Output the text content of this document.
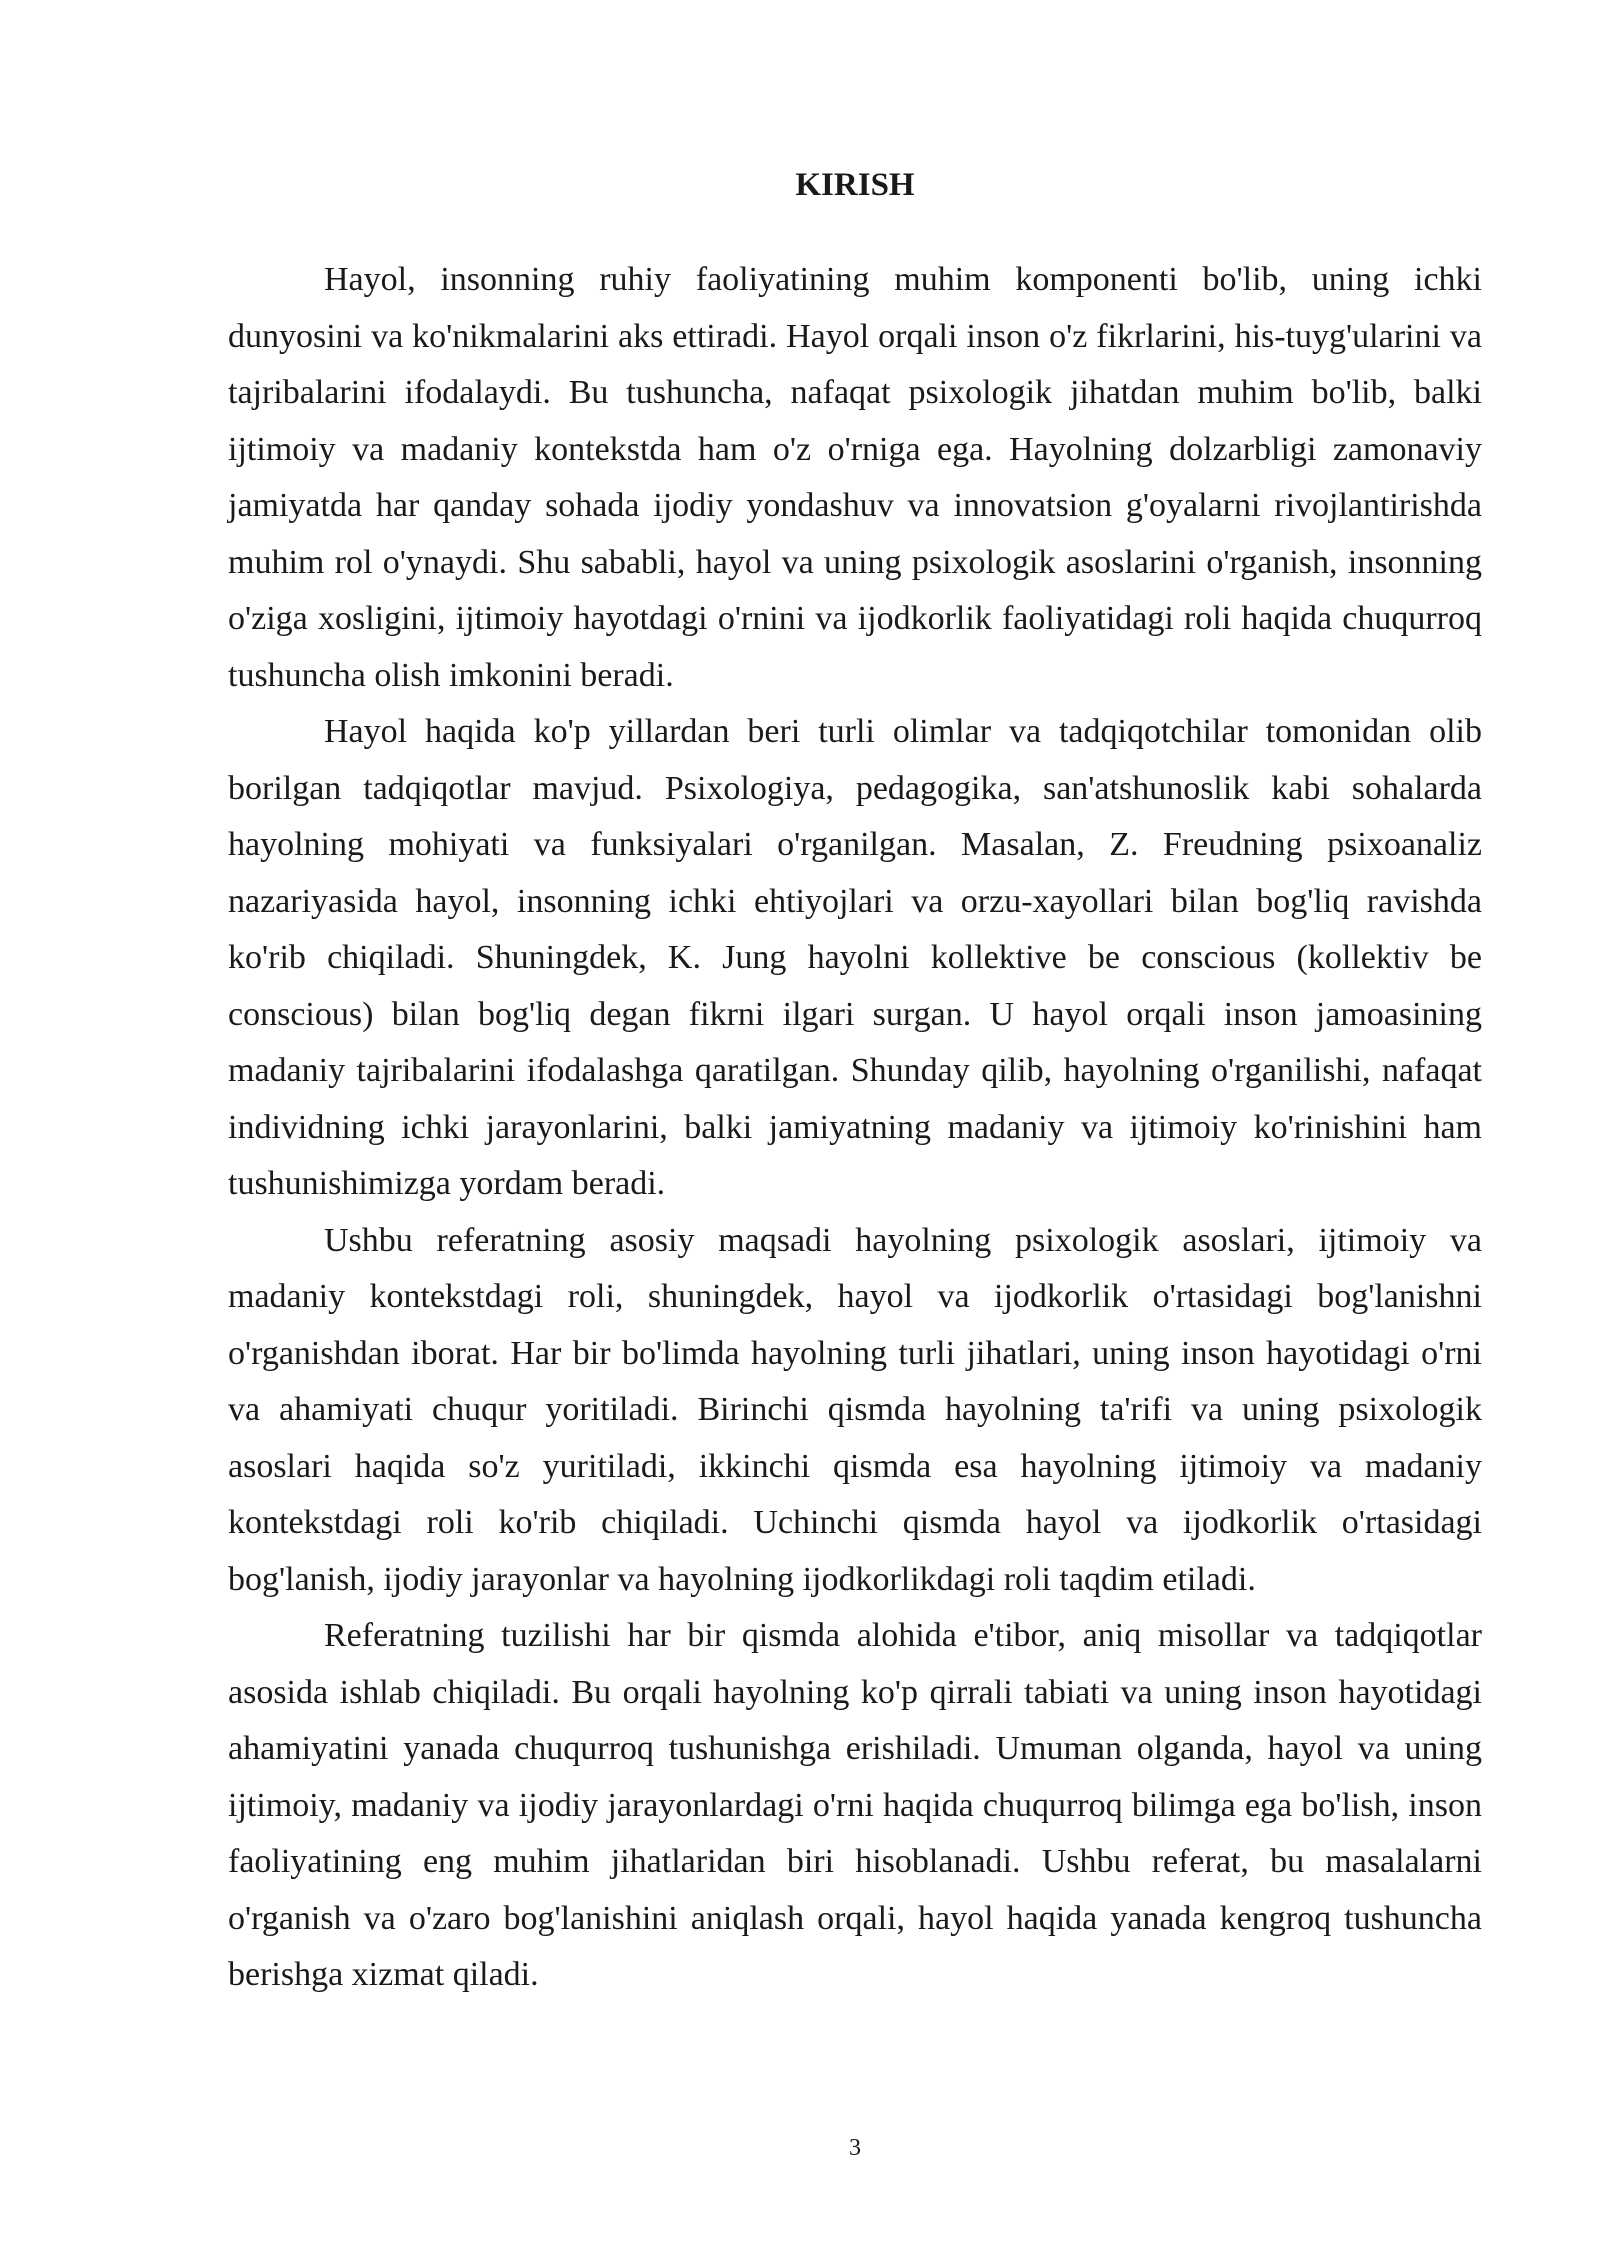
KIRISH

Hayol, insonning ruhiy faoliyatining muhim komponenti bo'lib, uning ichki dunyosini va ko'nikmalarini aks ettiradi. Hayol orqali inson o'z fikrlarini, his-tuyg'ularini va tajribalarini ifodalaydi. Bu tushuncha, nafaqat psixologik jihatdan muhim bo'lib, balki ijtimoiy va madaniy kontekstda ham o'z o'rniga ega. Hayolning dolzarbligi zamonaviy jamiyatda har qanday sohada ijodiy yondashuv va innovatsion g'oyalarni rivojlantirishda muhim rol o'ynaydi. Shu sababli, hayol va uning psixologik asoslarini o'rganish, insonning o'ziga xosligini, ijtimoiy hayotdagi o'rnini va ijodkorlik faoliyatidagi roli haqida chuqurroq tushuncha olish imkonini beradi.

Hayol haqida ko'p yillardan beri turli olimlar va tadqiqotchilar tomonidan olib borilgan tadqiqotlar mavjud. Psixologiya, pedagogika, san'atshunoslik kabi sohalarda hayolning mohiyati va funksiyalari o'rganilgan. Masalan, Z. Freudning psixoanaliz nazariyasida hayol, insonning ichki ehtiyojlari va orzu-xayollari bilan bog'liq ravishda ko'rib chiqiladi. Shuningdek, K. Jung hayolni kollektive be conscious (kollektiv be conscious) bilan bog'liq degan fikrni ilgari surgan. U hayol orqali inson jamoasining madaniy tajribalarini ifodalashga qaratilgan. Shunday qilib, hayolning o'rganilishi, nafaqat individning ichki jarayonlarini, balki jamiyatning madaniy va ijtimoiy ko'rinishini ham tushunishimizga yordam beradi.

Ushbu referatning asosiy maqsadi hayolning psixologik asoslari, ijtimoiy va madaniy kontekstdagi roli, shuningdek, hayol va ijodkorlik o'rtasidagi bog'lanishni o'rganishdan iborat. Har bir bo'limda hayolning turli jihatlari, uning inson hayotidagi o'rni va ahamiyati chuqur yoritiladi. Birinchi qismda hayolning ta'rifi va uning psixologik asoslari haqida so'z yuritiladi, ikkinchi qismda esa hayolning ijtimoiy va madaniy kontekstdagi roli ko'rib chiqiladi. Uchinchi qismda hayol va ijodkorlik o'rtasidagi bog'lanish, ijodiy jarayonlar va hayolning ijodkorlikdagi roli taqdim etiladi.

Referatning tuzilishi har bir qismda alohida e'tibor, aniq misollar va tadqiqotlar asosida ishlab chiqiladi. Bu orqali hayolning ko'p qirrali tabiati va uning inson hayotidagi ahamiyatini yanada chuqurroq tushunishga erishiladi. Umuman olganda, hayol va uning ijtimoiy, madaniy va ijodiy jarayonlardagi o'rni haqida chuqurroq bilimga ega bo'lish, inson faoliyatining eng muhim jihatlaridan biri hisoblanadi. Ushbu referat, bu masalalarni o'rganish va o'zaro bog'lanishini aniqlash orqali, hayol haqida yanada kengroq tushuncha berishga xizmat qiladi.

3
